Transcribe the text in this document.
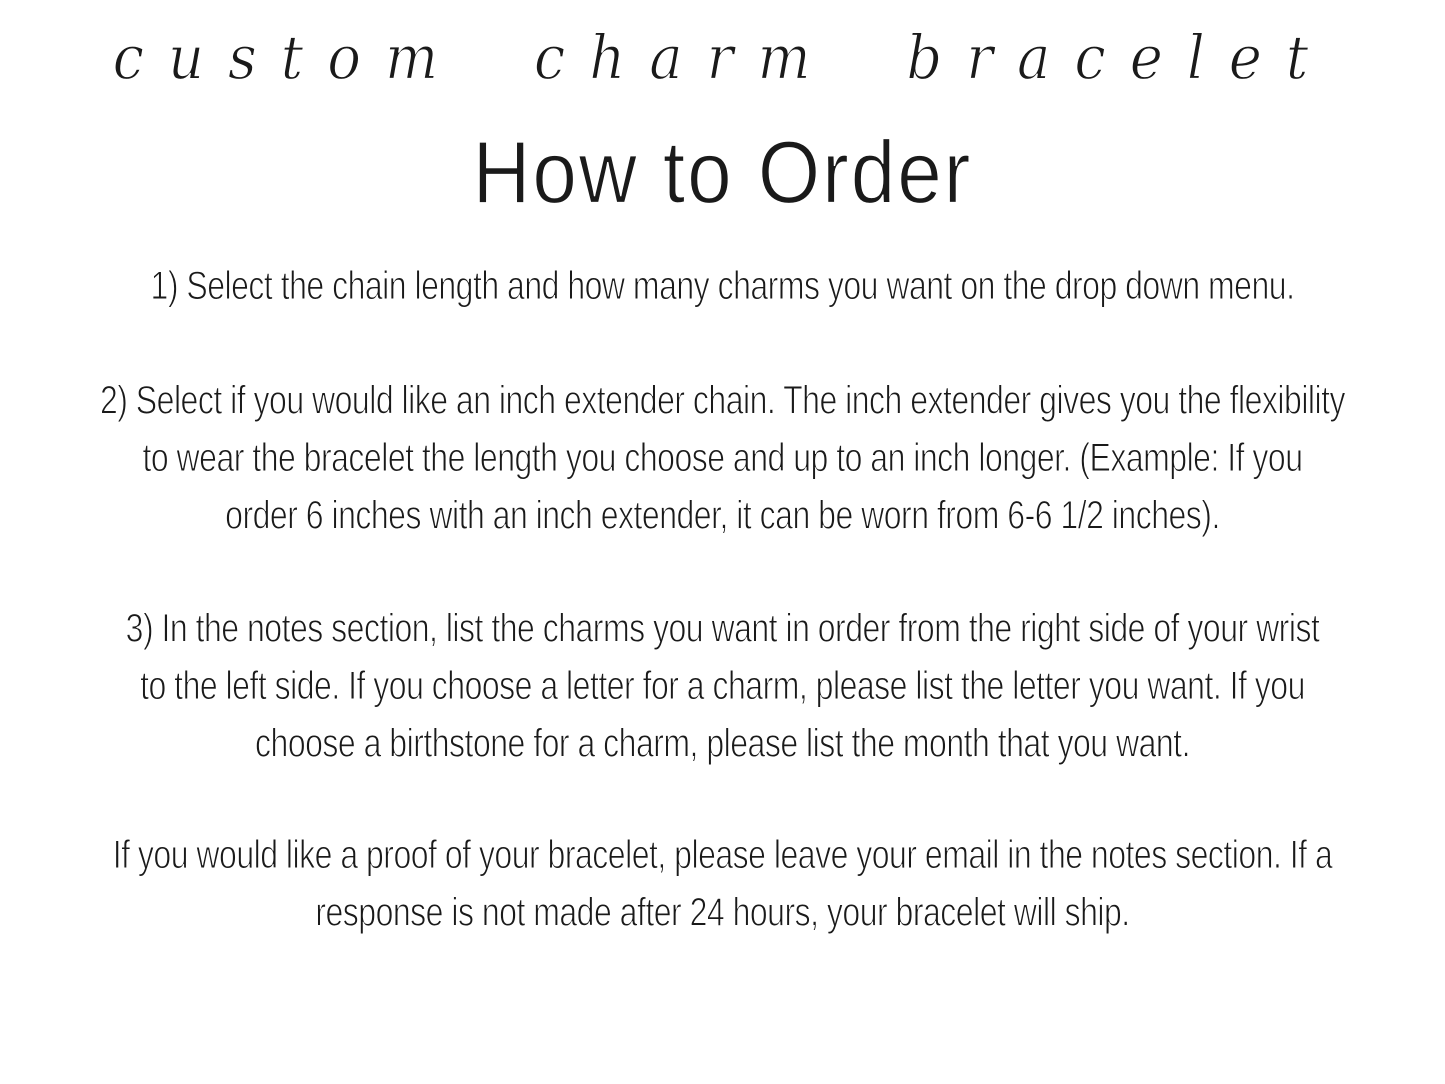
custom charm bracelet
How to Order
1) Select the chain length and how many charms you want on the drop down menu.
2) Select if you would like an inch extender chain. The inch extender gives you the flexibility
to wear the bracelet the length you choose and up to an inch longer. (Example: If you
order 6 inches with an inch extender, it can be worn from 6-6 1/2 inches).
3) In the notes section, list the charms you want in order from the right side of your wrist
to the left side. If you choose a letter for a charm, please list the letter you want. If you
choose a birthstone for a charm, please list the month that you want.
If you would like a proof of your bracelet, please leave your email in the notes section. If a
response is not made after 24 hours, your bracelet will ship.
